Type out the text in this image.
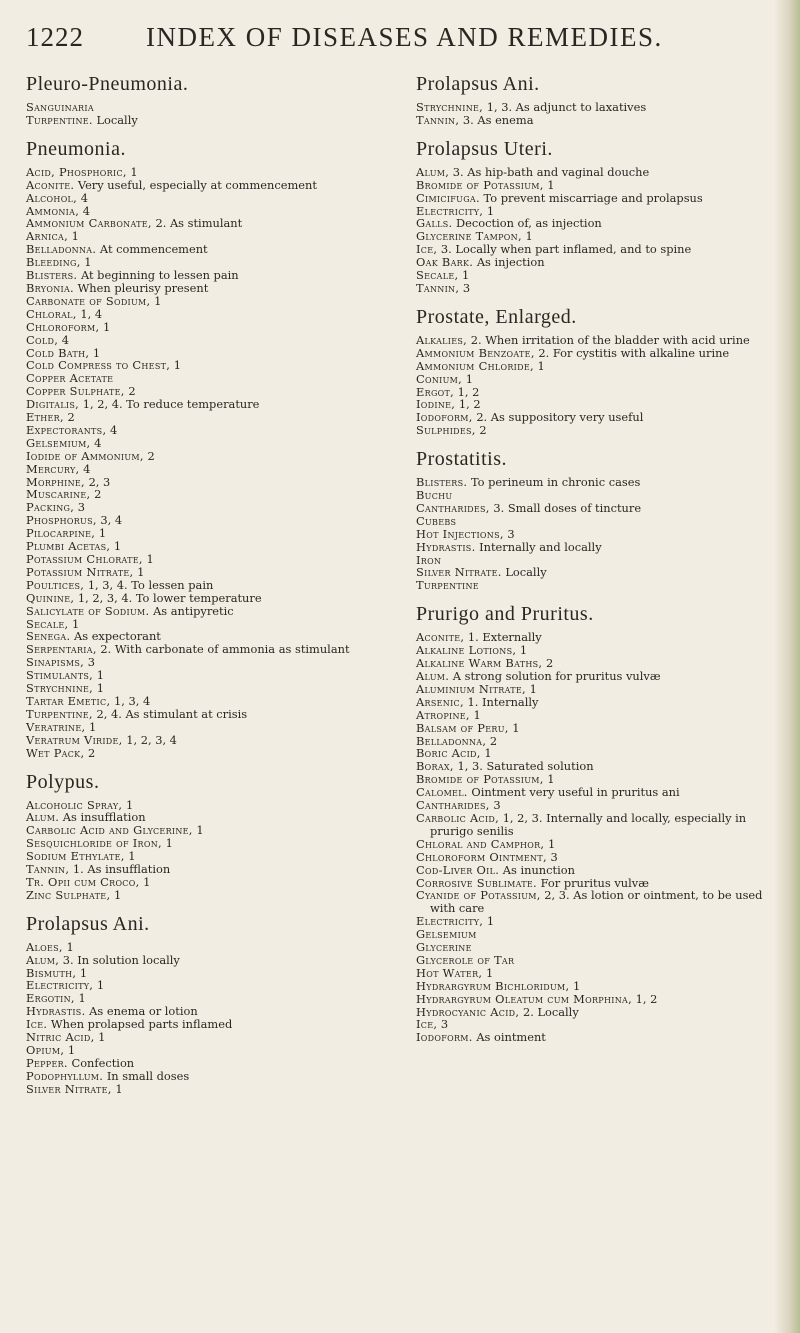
1222 INDEX OF DISEASES AND REMEDIES.
Pleuro-Pneumonia.
Sanguinaria
Turpentine. Locally
Pneumonia.
Acid, Phosphoric, 1
Aconite. Very useful, especially at commencement
Alcohol, 4
Ammonia, 4
Ammonium Carbonate, 2. As stimulant
Arnica, 1
Belladonna. At commencement
Bleeding, 1
Blisters. At beginning to lessen pain
Bryonia. When pleurisy present
Carbonate of Sodium, 1
Chloral, 1, 4
Chloroform, 1
Cold, 4
Cold Bath, 1
Cold Compress to Chest, 1
Copper Acetate
Copper Sulphate, 2
Digitalis, 1, 2, 4. To reduce temperature
Ether, 2
Expectorants, 4
Gelsemium, 4
Iodide of Ammonium, 2
Mercury, 4
Morphine, 2, 3
Muscarine, 2
Packing, 3
Phosphorus, 3, 4
Pilocarpine, 1
Plumbi Acetas, 1
Potassium Chlorate, 1
Potassium Nitrate, 1
Poultices, 1, 3, 4. To lessen pain
Quinine, 1, 2, 3, 4. To lower temperature
Salicylate of Sodium. As antipyretic
Secale, 1
Senega. As expectorant
Serpentaria, 2. With carbonate of ammonia as stimulant
Sinapisms, 3
Stimulants, 1
Strychnine, 1
Tartar Emetic, 1, 3, 4
Turpentine, 2, 4. As stimulant at crisis
Veratrine, 1
Veratrum Viride, 1, 2, 3, 4
Wet Pack, 2
Polypus.
Alcoholic Spray, 1
Alum. As insufflation
Carbolic Acid and Glycerine, 1
Sesquichloride of Iron, 1
Sodium Ethylate, 1
Tannin, 1. As insufflation
Tr. Opii cum Croco, 1
Zinc Sulphate, 1
Prolapsus Ani.
Aloes, 1
Alum, 3. In solution locally
Bismuth, 1
Electricity, 1
Ergotin, 1
Hydrastis. As enema or lotion
Ice. When prolapsed parts inflamed
Nitric Acid, 1
Opium, 1
Pepper. Confection
Podophyllum. In small doses
Silver Nitrate, 1
Prolapsus Ani.
Strychnine, 1, 3. As adjunct to laxatives
Tannin, 3. As enema
Prolapsus Uteri.
Alum, 3. As hip-bath and vaginal douche
Bromide of Potassium, 1
Cimicifuga. To prevent miscarriage and prolapsus
Electricity, 1
Galls. Decoction of, as injection
Glycerine Tampon, 1
Ice, 3. Locally when part inflamed, and to spine
Oak Bark. As injection
Secale, 1
Tannin, 3
Prostate, Enlarged.
Alkalies, 2. When irritation of the bladder with acid urine
Ammonium Benzoate, 2. For cystitis with alkaline urine
Ammonium Chloride, 1
Conium, 1
Ergot, 1, 2
Iodine, 1, 2
Iodoform, 2. As suppository very useful
Sulphides, 2
Prostatitis.
Blisters. To perineum in chronic cases
Buchu
Cantharides, 3. Small doses of tincture
Cubebs
Hot Injections, 3
Hydrastis. Internally and locally
Iron
Silver Nitrate. Locally
Turpentine
Prurigo and Pruritus.
Aconite, 1. Externally
Alkaline Lotions, 1
Alkaline Warm Baths, 2
Alum. A strong solution for pruritus vulvæ
Aluminium Nitrate, 1
Arsenic, 1. Internally
Atropine, 1
Balsam of Peru, 1
Belladonna, 2
Boric Acid, 1
Borax, 1, 3. Saturated solution
Bromide of Potassium, 1
Calomel. Ointment very useful in pruritus ani
Cantharides, 3
Carbolic Acid, 1, 2, 3. Internally and locally, especially in prurigo senilis
Chloral and Camphor, 1
Chloroform Ointment, 3
Cod-Liver Oil. As inunction
Corrosive Sublimate. For pruritus vulvæ
Cyanide of Potassium, 2, 3. As lotion or ointment, to be used with care
Electricity, 1
Gelsemium
Glycerine
Glycerole of Tar
Hot Water, 1
Hydrargyrum Bichloridum, 1
Hydrargyrum Oleatum cum Morphina, 1, 2
Hydrocyanic Acid, 2. Locally
Ice, 3
Iodoform. As ointment
